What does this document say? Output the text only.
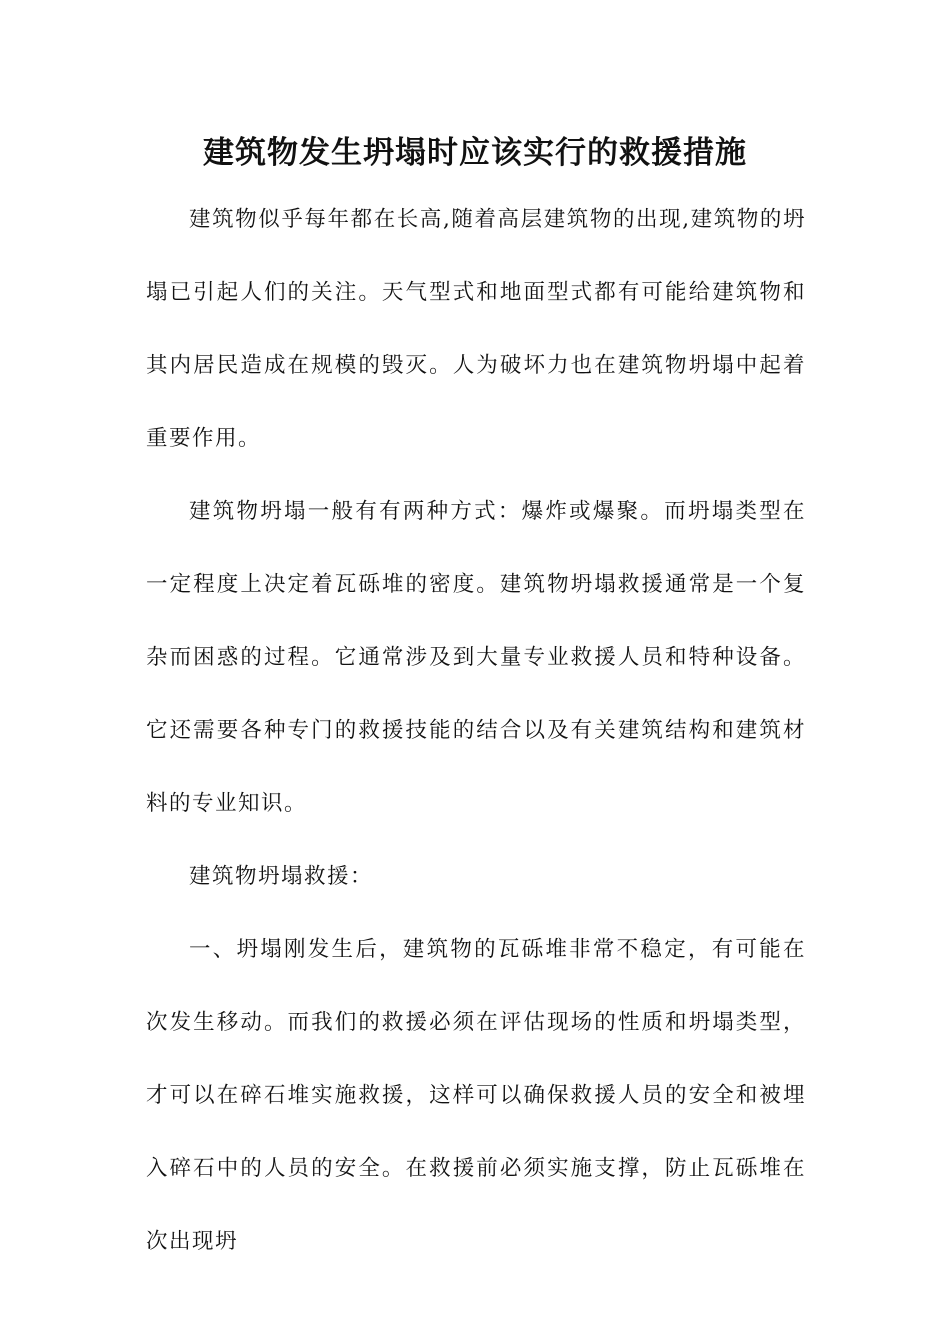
建筑物发生坍塌时应该实行的救援措施

建筑物似乎每年都在长高,随着高层建筑物的出现,建筑物的坍塌已引起人们的关注。天气型式和地面型式都有可能给建筑物和其内居民造成在规模的毁灭。人为破坏力也在建筑物坍塌中起着重要作用。

建筑物坍塌一般有有两种方式：爆炸或爆聚。而坍塌类型在一定程度上决定着瓦砾堆的密度。建筑物坍塌救援通常是一个复杂而困惑的过程。它通常涉及到大量专业救援人员和特种设备。它还需要各种专门的救援技能的结合以及有关建筑结构和建筑材料的专业知识。

建筑物坍塌救援：

一、坍塌刚发生后，建筑物的瓦砾堆非常不稳定，有可能在次发生移动。而我们的救援必须在评估现场的性质和坍塌类型，才可以在碎石堆实施救援，这样可以确保救援人员的安全和被埋入碎石中的人员的安全。在救援前必须实施支撑，防止瓦砾堆在次出现坍
